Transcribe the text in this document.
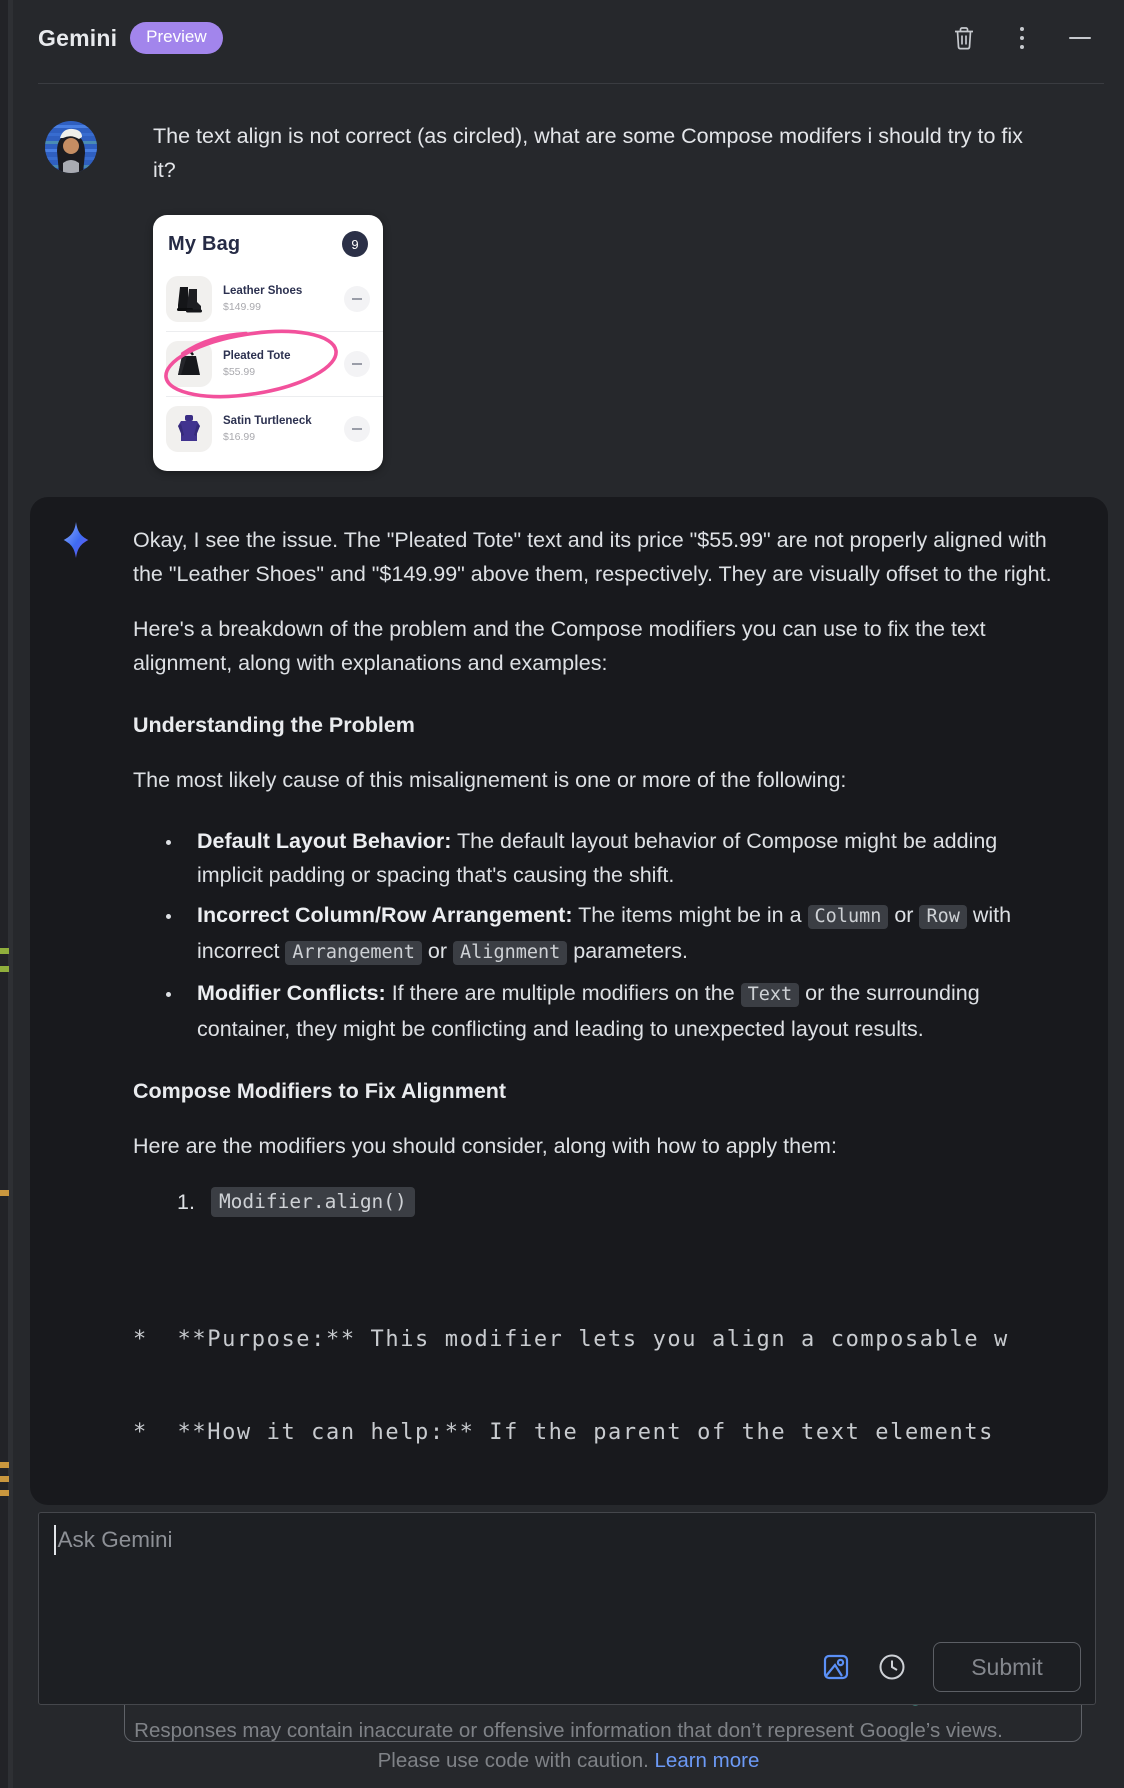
Gemini	Preview
The text align is not correct (as circled), what are some Compose modifers i should try to fix it?
My Bag	9
Leather Shoes
$149.99
Pleated Tote
$55.99
Satin Turtleneck
$16.99

Okay, I see the issue. The "Pleated Tote" text and its price "$55.99" are not properly aligned with the "Leather Shoes" and "$149.99" above them, respectively. They are visually offset to the right.

Here's a breakdown of the problem and the Compose modifiers you can use to fix the text alignment, along with explanations and examples:

Understanding the Problem

The most likely cause of this misalignement is one or more of the following:

• Default Layout Behavior: The default layout behavior of Compose might be adding implicit padding or spacing that's causing the shift.
• Incorrect Column/Row Arrangement: The items might be in a Column or Row with incorrect Arrangement or Alignment parameters.
• Modifier Conflicts: If there are multiple modifiers on the Text or the surrounding container, they might be conflicting and leading to unexpected layout results.
Compose Modifiers to Fix Alignment

Here are the modifiers you should consider, along with how to apply them:

1.	Modifier.align()

*  **Purpose:** This modifier lets you align a composable w

*  **How it can help:** If the parent of the text elements

Ask Gemini
Submit
Responses may contain inaccurate or offensive information that don’t represent Google’s views.
Please use code with caution. Learn more
